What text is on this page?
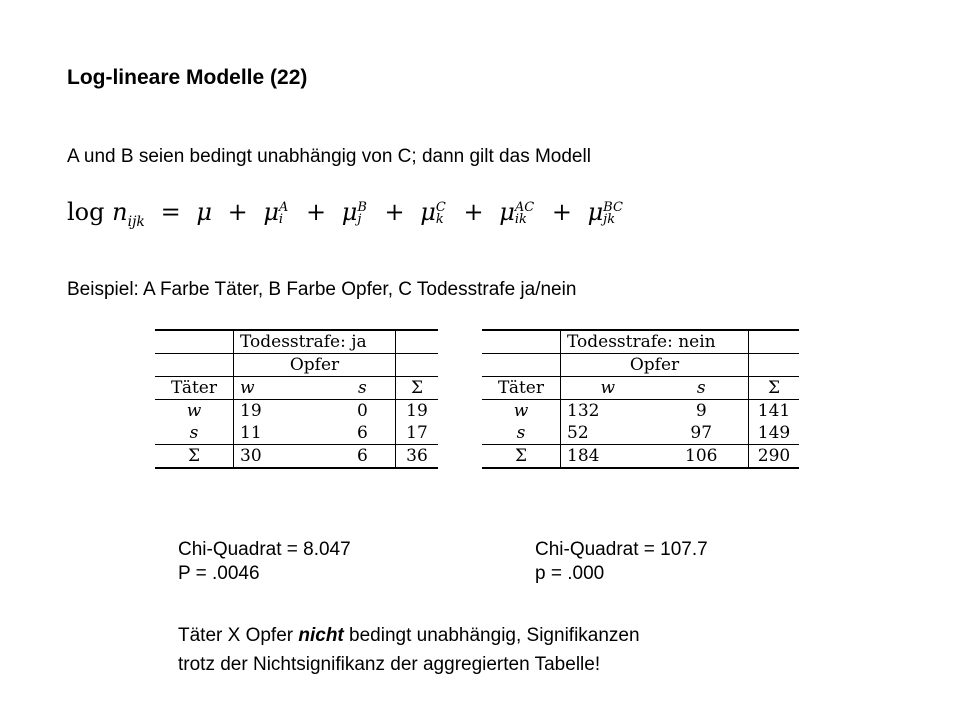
Log-lineare Modelle (22)
A und B seien bedingt unabhängig von C; dann gilt das Modell
$\log n_{ijk} = \mu + \mu$ A
i + μ B
j + μ C
k + μ AC
ik	+ μ BC
jk
Beispiel: A Farbe Täter, B Farbe Opfer, C Todesstrafe ja/nein
	Todesstrafe: ja		
	Opfer		
Täter	w	s	Σ
w	19	0	19
s	11	6	17
Σ	30	6	36
	Todesstrafe: nein		
	Opfer		
Täter	w	s	Σ
w	132	9	141
s	52	97	149
Σ	184	106	290
Chi-Quadrat = 8.047
P = .0046
Chi-Quadrat = 107.7
p = .000
Täter X Opfer nicht bedingt unabhängig, Signifikanzen
trotz der Nichtsignifikanz der aggregierten Tabelle!
